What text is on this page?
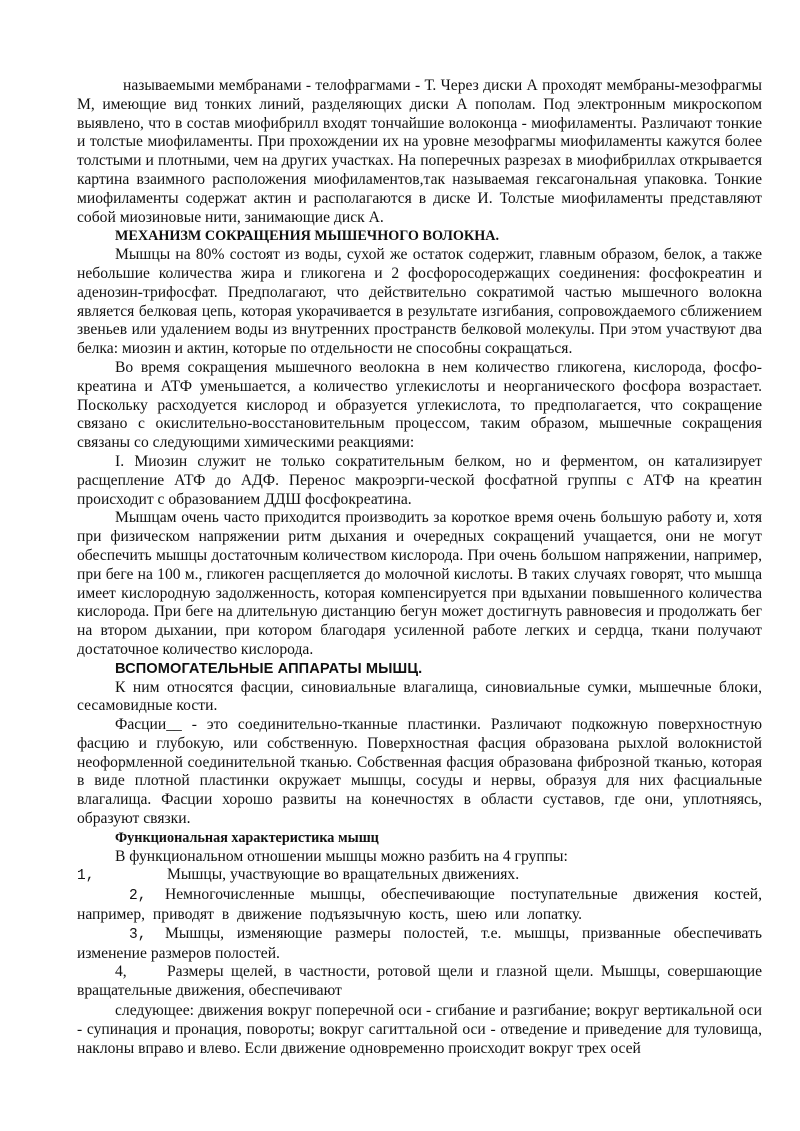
называемыми мембранами - телофрагмами - Т. Через диски А проходят мембраны-мезофрагмы М, имеющие вид тонких линий, разделяющих диски А пополам. Под электронным микроскопом выявлено, что в состав миофибрилл входят тончайшие волоконца - миофиламенты. Различают тонкие и толстые миофиламенты. При прохождении их на уровне мезофрагмы миофиламенты кажутся более толстыми и плотными, чем на других участках. На поперечных разрезах в миофибриллах открывается картина взаимного расположения миофиламентов,так называемая гексагональная упаковка. Тонкие миофиламенты содержат актин и располагаются в диске И. Толстые миофиламенты представляют собой миозиновые нити, занимающие диск А.

МЕХАНИЗМ СОКРАЩЕНИЯ МЫШЕЧНОГО ВОЛОКНА.

Мышцы на 80% состоят из воды, сухой же остаток содержит, главным образом, белок, а также небольшие количества жира и гликогена и 2 фосфоросодержащих соединения: фосфокреатин и аденозин-трифосфат. Предполагают, что действительно сократимой частью мышечного волокна является белковая цепь, которая укорачивается в результате изгибания, сопровождаемого сближением звеньев или удалением воды из внутренних пространств белковой молекулы. При этом участвуют два белка: миозин и актин, которые по отдельности не способны сокращаться.

Во время сокращения мышечного веолокна в нем количество гликогена, кислорода, фосфо-креатина и АТФ уменьшается, а количество углекислоты и неорганического фосфора возрастает. Поскольку расходуется кислород и образуется углекислота, то предполагается, что сокращение связано с окислительно-восстановительным процессом, таким образом, мышечные сокращения связаны со следующими химическими реакциями:

I. Миозин служит не только сократительным белком, но и ферментом, он катализирует расщепление АТФ до АДФ. Перенос макроэрги-ческой фосфатной группы с АТФ на креатин происходит с образованием ДДШ фосфокреатина.

Мышцам очень часто приходится производить за короткое время очень большую работу и, хотя при физическом напряжении ритм дыхания и очередных сокращений учащается, они не могут обеспечить мышцы достаточным количеством кислорода. При очень большом напряжении, например, при беге на 100 м., гликоген расщепляется до молочной кислоты. В таких случаях говорят, что мышца имеет кислородную задолженность, которая компенсируется при вдыхании повышенного количества кислорода. При беге на длительную дистанцию бегун может достигнуть равновесия и продолжать бег на втором дыхании, при котором благодаря усиленной работе легких и сердца, ткани получают достаточное количество кислорода.

ВСПОМОГАТЕЛЬНЫЕ АППАРАТЫ МЫШЦ.

К ним относятся фасции, синовиальные влагалища, синовиальные сумки, мышечные блоки, сесамовидные кости.

Фасции__ - это соединительно-тканные пластинки. Различают подкожную поверхностную фасцию и глубокую, или собственную. Поверхностная фасция образована рыхлой волокнистой неоформленной соединительной тканью. Собственная фасция образована фиброзной тканью, которая в виде плотной пластинки окружает мышцы, сосуды и нервы, образуя для них фасциальные влагалища. Фасции хорошо развиты на конечностях в области суставов, где они, уплотняясь, образуют связки.

Функциональная характеристика мышц

В функциональном отношении мышцы можно разбить на 4 группы:

1,	Мышцы, участвующие во вращательных движениях.

2, Немногочисленные мышцы, обеспечивающие поступательные движения костей, например, приводят в движение подъязычную кость, шею или лопатку.

3, Мышцы, изменяющие размеры полостей, т.е. мышцы, призванные обеспечивать изменение размеров полостей.

4,	Размеры щелей, в частности, ротовой щели и глазной щели. Мышцы, совершающие вращательные движения, обеспечивают

следующее: движения вокруг поперечной оси - сгибание и разгибание; вокруг вертикальной оси - супинация и пронация, повороты; вокруг сагиттальной оси - отведение и приведение для туловища, наклоны вправо и влево. Если движение одновременно происходит вокруг трех осей
